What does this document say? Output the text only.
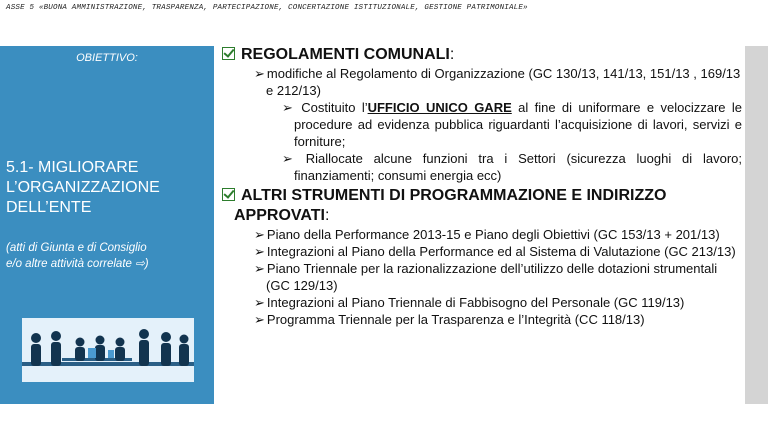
ASSE 5 «BUONA AMMINISTRAZIONE, TRASPARENZA, PARTECIPAZIONE, CONCERTAZIONE ISTITUZIONALE, GESTIONE PATRIMONIALE»
OBIETTIVO:
5.1- MIGLIORARE
L’ORGANIZZAZIONE
DELL’ENTE
(atti di Giunta e di Consiglio
e/o altre attività correlate ⇨)
REGOLAMENTI COMUNALI:
➢ modifiche al Regolamento di Organizzazione (GC 130/13, 141/13, 151/13 , 169/13 e 212/13)
➢ Costituito l’UFFICIO UNICO GARE al fine di uniformare e velocizzare le procedure ad evidenza pubblica riguardanti l’acquisizione di lavori, servizi e forniture;
➢ Riallocate alcune funzioni tra i Settori (sicurezza luoghi di lavoro; finanziamenti; consumi energia ecc)
ALTRI STRUMENTI DI PROGRAMMAZIONE E INDIRIZZO
APPROVATI:
➢ Piano della Performance 2013-15 e Piano degli Obiettivi (GC 153/13 + 201/13)
➢ Integrazioni al Piano della Performance ed al Sistema di Valutazione (GC 213/13)
➢ Piano Triennale per la razionalizzazione dell’utilizzo delle dotazioni strumentali (GC 129/13)
➢ Integrazioni al Piano Triennale di Fabbisogno del Personale (GC 119/13)
➢ Programma Triennale per la Trasparenza e l’Integrità (CC 118/13)
